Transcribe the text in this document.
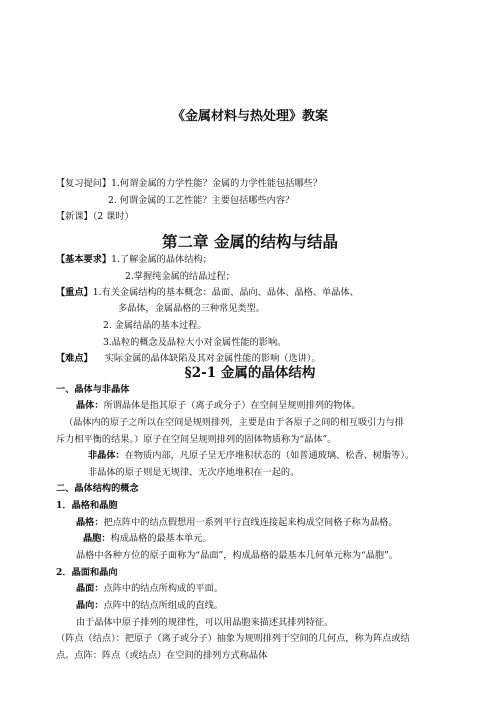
《金属材料与热处理》教案
【复习提问】1.何谓金属的力学性能？金属的力学性能包括哪些？
2. 何谓金属的工艺性能？主要包括哪些内容？
【新课】（2 课时）
第二章 金属的结构与结晶
【基本要求】1.了解金属的晶体结构；
2.掌握纯金属的结晶过程；
【重点】1.有关金属结构的基本概念：晶面、晶向、晶体、晶格、单晶体、
多晶体，金属晶格的三种常见类型。
2. 金属结晶的基本过程。
3.晶粒的概念及晶粒大小对金属性能的影响。
【难点】 实际金属的晶体缺陷及其对金属性能的影响（选讲）。
§2-1 金属的晶体结构
一、晶体与非晶体
晶体：所谓晶体是指其原子（离子或分子）在空间呈规则排列的物体。
（晶体内的原子之所以在空间是规则排列，主要是由于各原子之间的相互吸引力与排
斥力相平衡的结果。）原子在空间呈规则排列的固体物质称为“晶体”。
非晶体：在物质内部，凡原子呈无序堆积状态的（如普通玻璃、松香、树脂等）。
非晶体的原子则是无规律、无次序地堆积在一起的。
二、晶体结构的概念
1．晶格和晶胞
晶格：把点阵中的结点假想用一系列平行直线连接起来构成空间格子称为晶格。
晶胞：构成晶格的最基本单元。
晶格中各种方位的原子面称为“晶面”，构成晶格的最基本几何单元称为“晶胞”。
2．晶面和晶向
晶面：点阵中的结点所构成的平面。
晶向：点阵中的结点所组成的直线。
由于晶体中原子排列的规律性，可以用晶胞来描述其排列特征。
（阵点（结点）：把原子（离子或分子）抽象为规则排列于空间的几何点，称为阵点或结
点。点阵：阵点（或结点）在空间的排列方式称晶体
